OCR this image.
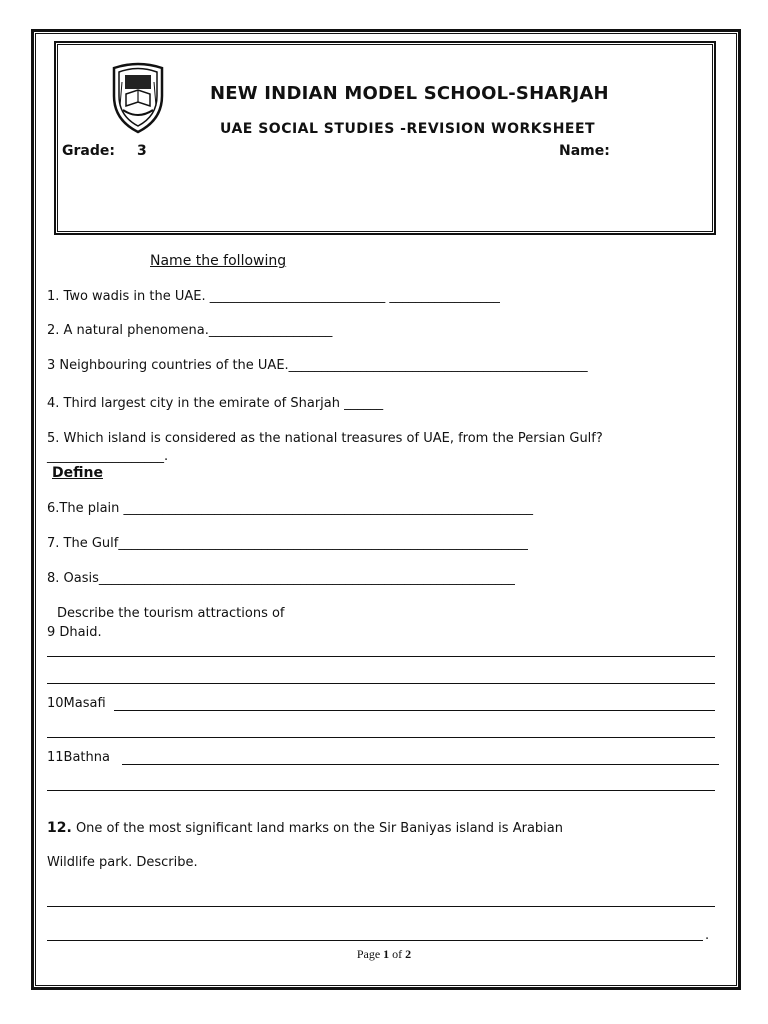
NEW INDIAN MODEL SCHOOL-SHARJAH
UAE SOCIAL STUDIES -REVISION WORKSHEET
Grade: 3	Name:
Name the following
1. Two wadis in the UAE. ___________________________ _________________
2. A natural phenomena.___________________
3 Neighbouring countries of the UAE.______________________________________________
4. Third largest city in the emirate of Sharjah ______
5. Which island is considered as the national treasures of UAE, from the Persian Gulf?
__________________.
Define
6.The plain _______________________________________________________________
7. The Gulf_______________________________________________________________
8. Oasis________________________________________________________________
Describe the tourism attractions of
9 Dhaid.
10Masafi
11Bathna
12. One of the most significant land marks on the Sir Baniyas island is Arabian
Wildlife park. Describe.
.
Page 1 of 2
